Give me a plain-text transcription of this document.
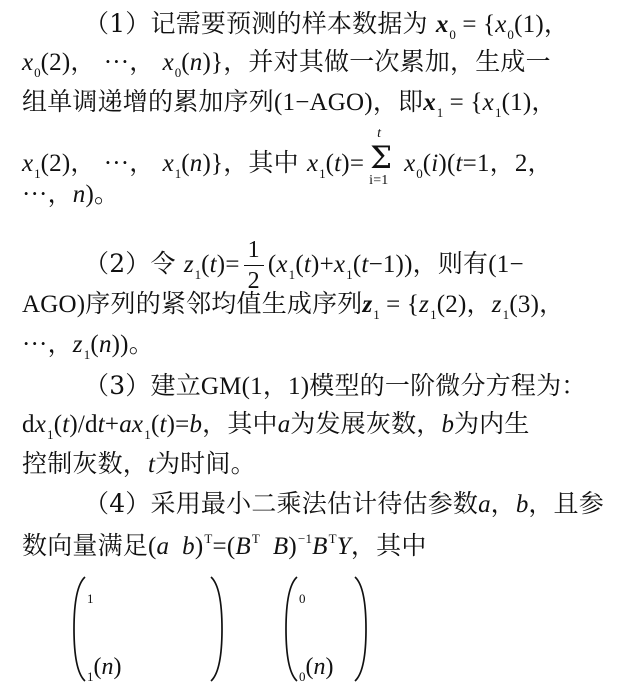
（1）记需要预测的样本数据为 $x_0 = \{x_0(1)$，
$x_0(2)$， ···， $x_0(n)$}，并对其做一次累加，生成一
组单调递增的累加序列(1−AGO)，即$x_1 = \{x_1(1)$，
$x_1(2)$， ···， $x_1(n)$}，其中 $x_1(t)=$
t
Σ
i=1
$x_0(i)(t=1$，2，
···，n)。
（2）令 $z_1(t)= \frac{1}{2} (x_1(t)+x_1(t-1))$，则有(1−
AGO)序列的紧邻均值生成序列$z_1 = \{z_1(2)$，$z_1(3)$，
···，$z_1(n)$)。
（3）建立GM(1，1)模型的一阶微分方程为：
$dx_1(t)/dt+ax_1(t)=b$，其中a为发展灰数，b为内生
控制灰数，t为时间。
（4）采用最小二乘法估计待估参数a，b，且参
数向量满足(a $b)^T=(B^T$ $B)^{-1}B^TY$，其中
$_1$
$_1$(n)
$_0$
$_0$(n)
